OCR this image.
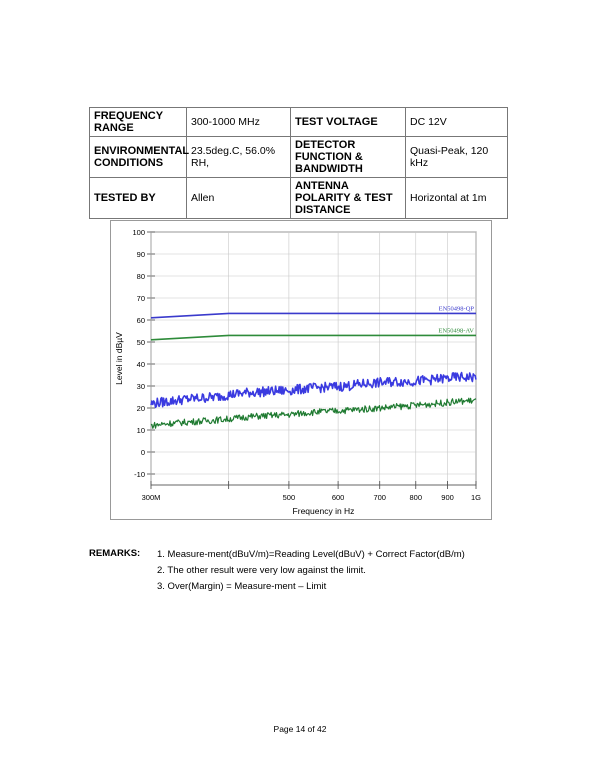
FREQUENCY RANGE	300-1000 MHz	TEST VOLTAGE	DC 12V
ENVIRONMENTAL CONDITIONS	23.5deg.C, 56.0% RH,	DETECTOR FUNCTION & BANDWIDTH	Quasi-Peak, 120 kHz
TESTED BY	Allen	ANTENNA POLARITY & TEST DISTANCE	Horizontal at 1m
100
90
80
70
60
50
40
30
20
10
0
-10
300M	500	600	700	800	900 1G
Frequency in Hz
Level in dBµV
EN50498-QP
EN50498-AV
REMARKS: 1. Measure-ment(dBuV/m)=Reading Level(dBuV) + Correct Factor(dB/m)
2. The other result were very low against the limit.
3. Over(Margin) = Measure-ment – Limit
Page 14 of 42
